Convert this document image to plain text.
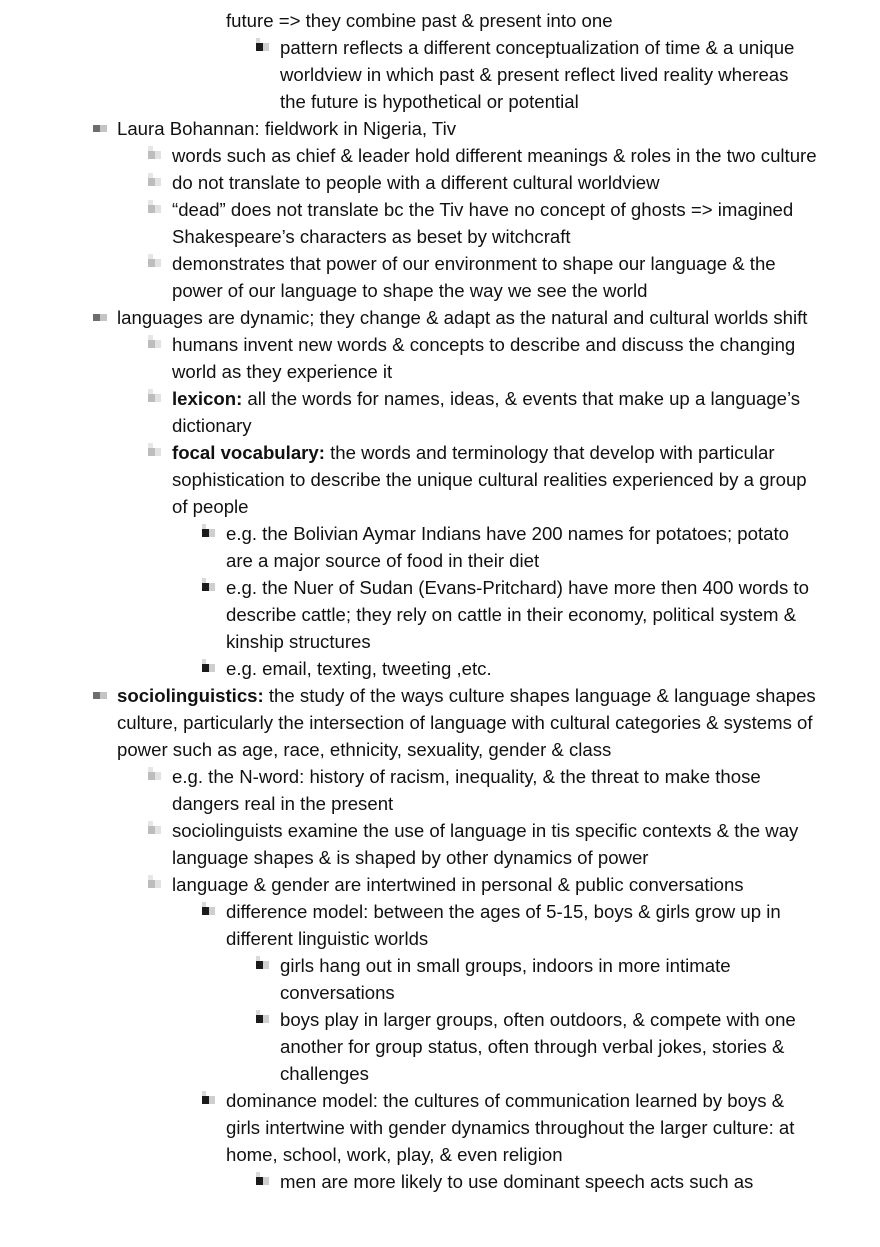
future => they combine past & present into one
pattern reflects a different conceptualization of time & a unique worldview in which past & present reflect lived reality whereas the future is hypothetical or potential
Laura Bohannan: fieldwork in Nigeria, Tiv
words such as chief & leader hold different meanings & roles in the two culture
do not translate to people with a different cultural worldview
“dead” does not translate bc the Tiv have no concept of ghosts => imagined Shakespeare’s characters as beset by witchcraft
demonstrates that power of our environment to shape our language & the power of our language to shape the way we see the world
languages are dynamic; they change & adapt as the natural and cultural worlds shift
humans invent new words & concepts to describe and discuss the changing world as they experience it
lexicon: all the words for names, ideas, & events that make up a language’s dictionary
focal vocabulary: the words and terminology that develop with particular sophistication to describe the unique cultural realities experienced by a group of people
e.g. the Bolivian Aymar Indians have 200 names for potatoes; potato are a major source of food in their diet
e.g. the Nuer of Sudan (Evans-Pritchard) have more then 400 words to describe cattle; they rely on cattle in their economy, political system & kinship structures
e.g. email, texting, tweeting ,etc.
sociolinguistics: the study of the ways culture shapes language & language shapes culture, particularly the intersection of language with cultural categories & systems of power such as age, race, ethnicity, sexuality, gender & class
e.g. the N-word: history of racism, inequality, & the threat to make those dangers real in the present
sociolinguists examine the use of language in tis specific contexts & the way language shapes & is shaped by other dynamics of power
language & gender are intertwined in personal & public conversations
difference model: between the ages of 5-15, boys & girls grow up in different linguistic worlds
girls hang out in small groups, indoors in more intimate conversations
boys play in larger groups, often outdoors, & compete with one another for group status, often through verbal jokes, stories & challenges
dominance model: the cultures of communication learned by boys & girls intertwine with gender dynamics throughout the larger culture: at home, school, work, play, & even religion
men are more likely to use dominant speech acts such as
